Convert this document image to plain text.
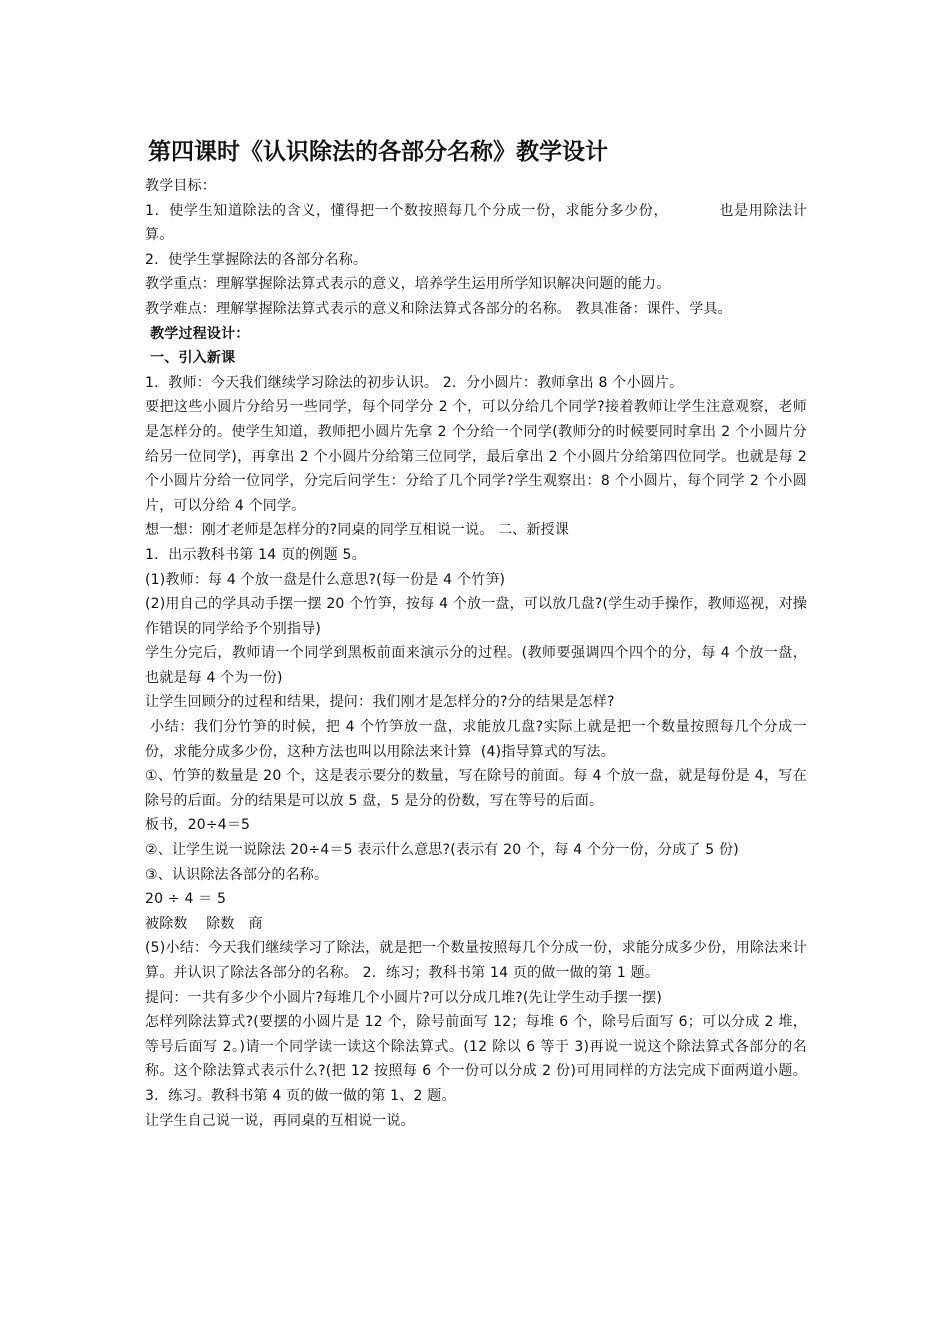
第四课时《认识除法的各部分名称》教学设计

教学目标：

1．使学生知道除法的含义，懂得把一个数按照每几个分成一份，求能分多少份，          也是用除法计算。

2．使学生掌握除法的各部分名称。

教学重点：理解掌握除法算式表示的意义，培养学生运用所学知识解决问题的能力。

教学难点：理解掌握除法算式表示的意义和除法算式各部分的名称。 教具准备：课件、学具。

教学过程设计：

一、引入新课

1．教师：今天我们继续学习除法的初步认识。 2．分小圆片：教师拿出 8 个小圆片。

要把这些小圆片分给另一些同学，每个同学分 2 个，可以分给几个同学?接着教师让学生注意观察，老师是怎样分的。使学生知道，教师把小圆片先拿 2 个分给一个同学(教师分的时候要同时拿出 2 个小圆片分给另一位同学)，再拿出 2 个小圆片分给第三位同学，最后拿出 2 个小圆片分给第四位同学。也就是每 2 个小圆片分给一位同学，分完后问学生：分给了几个同学?学生观察出：8 个小圆片，每个同学 2 个小圆片，可以分给 4 个同学。

想一想：刚才老师是怎样分的?同桌的同学互相说一说。 二、新授课

1．出示教科书第 14 页的例题 5。

(1)教师：每 4 个放一盘是什么意思?(每一份是 4 个竹笋)

(2)用自己的学具动手摆一摆 20 个竹笋，按每 4 个放一盘，可以放几盘?(学生动手操作，教师巡视，对操作错误的同学给予个别指导)

学生分完后，教师请一个同学到黑板前面来演示分的过程。(教师要强调四个四个的分，每 4 个放一盘，也就是每 4 个为一份)

让学生回顾分的过程和结果，提问：我们刚才是怎样分的?分的结果是怎样?

小结：我们分竹笋的时候，把 4 个竹笋放一盘，求能放几盘?实际上就是把一个数量按照每几个分成一份，求能分成多少份，这种方法也叫以用除法来计算  (4)指导算式的写法。

①、竹笋的数量是 20 个，这是表示要分的数量，写在除号的前面。每 4 个放一盘，就是每份是 4，写在除号的后面。分的结果是可以放 5 盘，5 是分的份数，写在等号的后面。

板书，20÷4＝5

②、让学生说一说除法 20÷4＝5 表示什么意思?(表示有 20 个，每 4 个分一份，分成了 5 份)

③、认识除法各部分的名称。

20 ÷ 4 ＝ 5

被除数    除数   商

(5)小结：今天我们继续学习了除法，就是把一个数量按照每几个分成一份，求能分成多少份，用除法来计算。并认识了除法各部分的名称。 2．练习；教科书第 14 页的做一做的第 1 题。

提问：一共有多少个小圆片?每堆几个小圆片?可以分成几堆?(先让学生动手摆一摆)

怎样列除法算式?(要摆的小圆片是 12 个，除号前面写 12；每堆 6 个，除号后面写 6；可以分成 2 堆，等号后面写 2。)请一个同学读一读这个除法算式。(12 除以 6 等于 3)再说一说这个除法算式各部分的名称。这个除法算式表示什么?(把 12 按照每 6 个一份可以分成 2 份)可用同样的方法完成下面两道小题。 3．练习。教科书第 4 页的做一做的第 1、2 题。

让学生自己说一说，再同桌的互相说一说。
